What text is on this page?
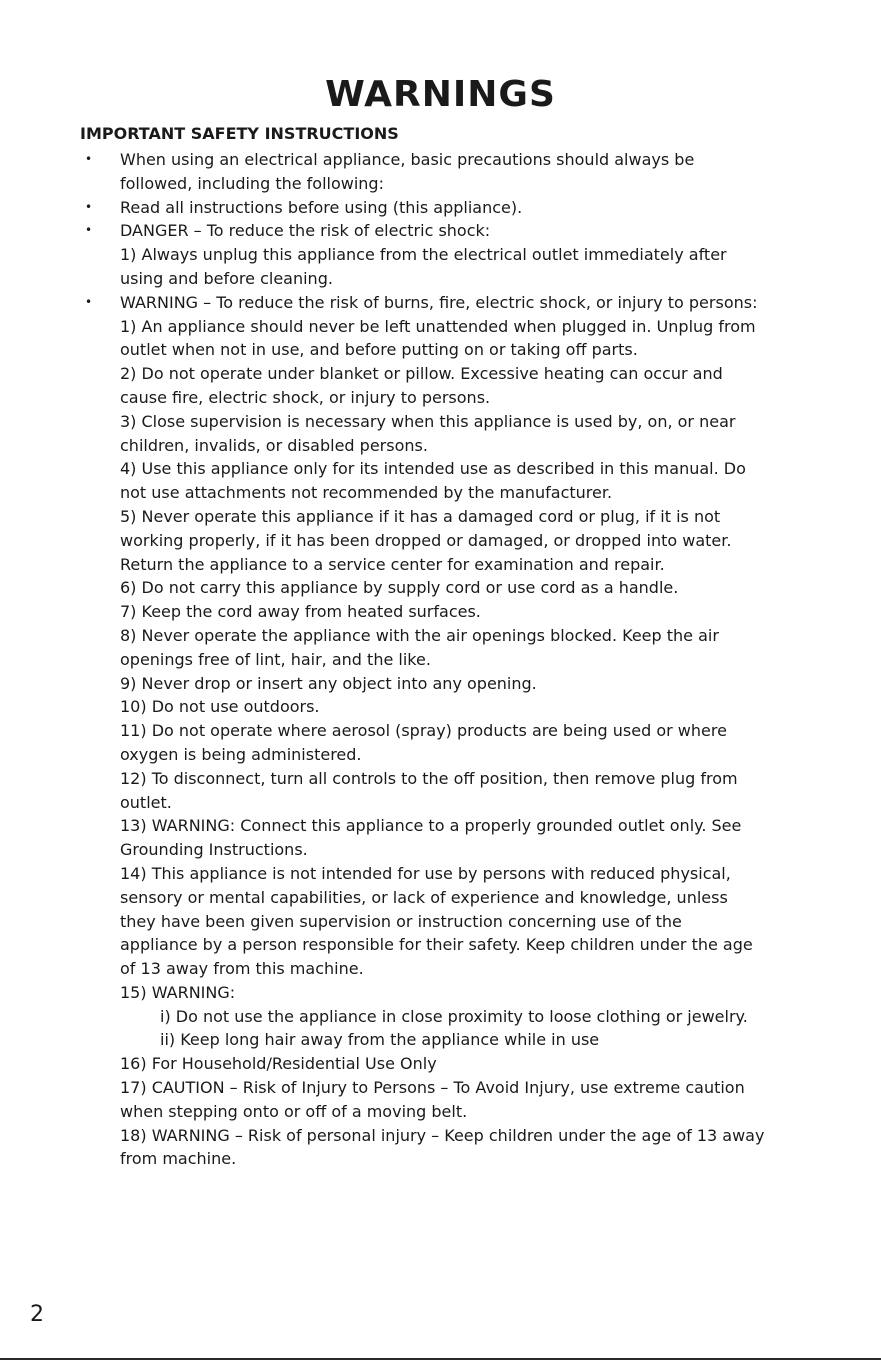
WARNINGS
IMPORTANT SAFETY INSTRUCTIONS
• When using an electrical appliance, basic precautions should always be
followed, including the following:
• Read all instructions before using (this appliance).
• DANGER – To reduce the risk of electric shock:
1) Always unplug this appliance from the electrical outlet immediately after
using and before cleaning.
• WARNING – To reduce the risk of burns, fire, electric shock, or injury to persons:
1) An appliance should never be left unattended when plugged in. Unplug from
outlet when not in use, and before putting on or taking off parts.
2) Do not operate under blanket or pillow. Excessive heating can occur and
cause fire, electric shock, or injury to persons.
3) Close supervision is necessary when this appliance is used by, on, or near
children, invalids, or disabled persons.
4) Use this appliance only for its intended use as described in this manual. Do
not use attachments not recommended by the manufacturer.
5) Never operate this appliance if it has a damaged cord or plug, if it is not
working properly, if it has been dropped or damaged, or dropped into water.
Return the appliance to a service center for examination and repair.
6) Do not carry this appliance by supply cord or use cord as a handle.
7) Keep the cord away from heated surfaces.
8) Never operate the appliance with the air openings blocked. Keep the air
openings free of lint, hair, and the like.
9) Never drop or insert any object into any opening.
10) Do not use outdoors.
11) Do not operate where aerosol (spray) products are being used or where
oxygen is being administered.
12) To disconnect, turn all controls to the off position, then remove plug from
outlet.
13) WARNING: Connect this appliance to a properly grounded outlet only. See
Grounding Instructions.
14) This appliance is not intended for use by persons with reduced physical,
sensory or mental capabilities, or lack of experience and knowledge, unless
they have been given supervision or instruction concerning use of the
appliance by a person responsible for their safety. Keep children under the age
of 13 away from this machine.
15) WARNING:
i) Do not use the appliance in close proximity to loose clothing or jewelry.
ii) Keep long hair away from the appliance while in use
16) For Household/Residential Use Only
17) CAUTION – Risk of Injury to Persons – To Avoid Injury, use extreme caution
when stepping onto or off of a moving belt.
18) WARNING – Risk of personal injury – Keep children under the age of 13 away
from machine.
2
